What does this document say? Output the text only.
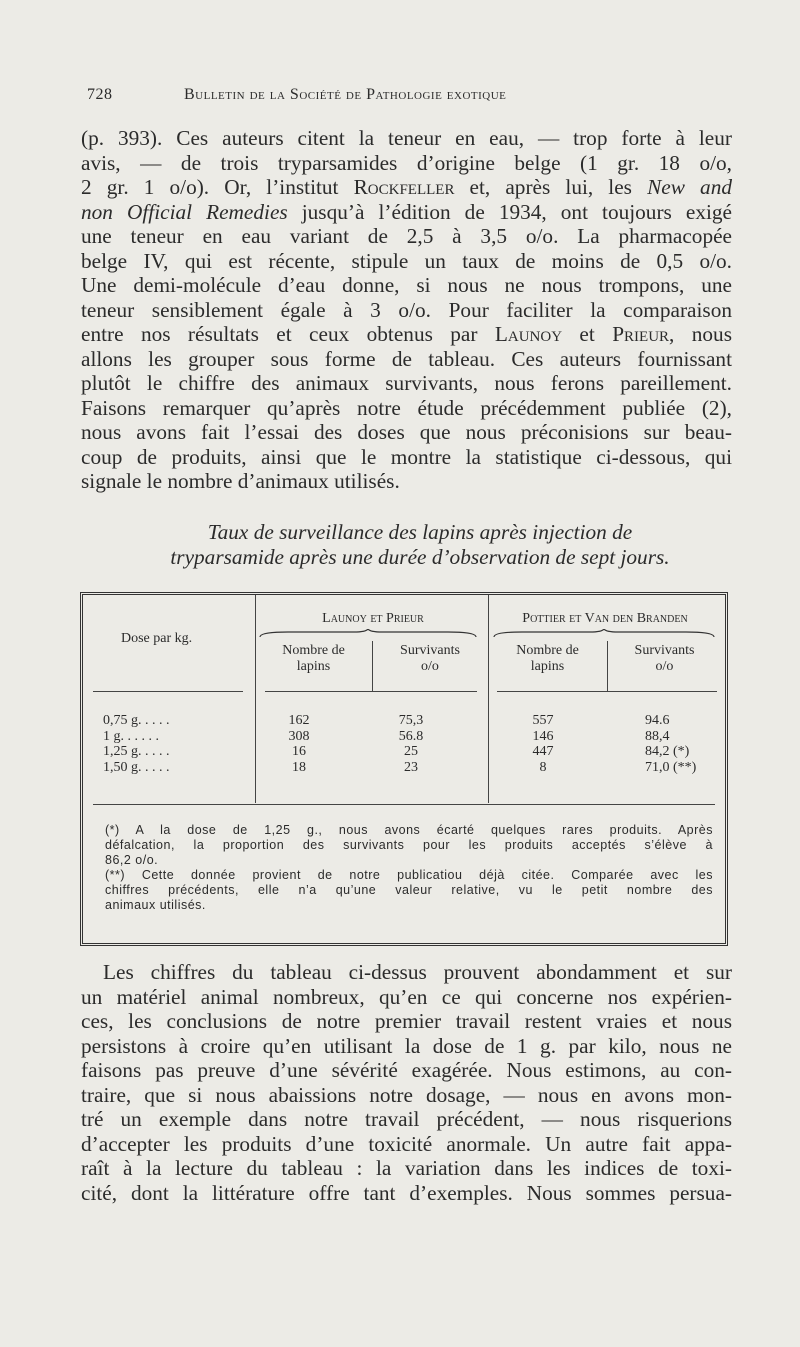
728	Bulletin de la Société de Pathologie exotique
(p. 393). Ces auteurs citent la teneur en eau, — trop forte à leur
avis, — de trois tryparsamides d’origine belge (1 gr. 18 o/o,
2 gr. 1 o/o). Or, l’institut Rockfeller et, après lui, les New and
non Official Remedies jusqu’à l’édition de 1934, ont toujours exigé
une teneur en eau variant de 2,5 à 3,5 o/o. La pharmacopée
belge IV, qui est récente, stipule un taux de moins de 0,5 o/o.
Une demi-molécule d’eau donne, si nous ne nous trompons, une
teneur sensiblement égale à 3 o/o. Pour faciliter la comparaison
entre nos résultats et ceux obtenus par Launoy et Prieur, nous
allons les grouper sous forme de tableau. Ces auteurs fournissant
plutôt le chiffre des animaux survivants, nous ferons pareillement.
Faisons remarquer qu’après notre étude précédemment publiée (2),
nous avons fait l’essai des doses que nous préconisions sur beau-
coup de produits, ainsi que le montre la statistique ci-dessous, qui
signale le nombre d’animaux utilisés.
Taux de surveillance des lapins après injection de
tryparsamide après une durée d’observation de sept jours.
Dose par kg.
Launoy et Prieur	Pottier et Van den Branden
Nombre de
lapins
Survivants
o/o
Nombre de
lapins
Survivants
o/o
0,75 g. . . . .
1 g. . . . . .
1,25 g. . . . .
1,50 g. . . . .
162
308
16
18
75,3
56.8
25
23
557
146
447
8
94.6
88,4
84,2 (*)
71,0 (**)
(*) A la dose de 1,25 g., nous avons écarté quelques rares produits. Après
défalcation, la proportion des survivants pour les produits acceptés s’élève à
86,2 o/o.
(**) Cette donnée provient de notre publicatiou déjà citée. Comparée avec les
chiffres précédents, elle n’a qu’une valeur relative, vu le petit nombre des
animaux utilisés.
Les chiffres du tableau ci-dessus prouvent abondamment et sur
un matériel animal nombreux, qu’en ce qui concerne nos expérien-
ces, les conclusions de notre premier travail restent vraies et nous
persistons à croire qu’en utilisant la dose de 1 g. par kilo, nous ne
faisons pas preuve d’une sévérité exagérée. Nous estimons, au con-
traire, que si nous abaissions notre dosage, — nous en avons mon-
tré un exemple dans notre travail précédent, — nous risquerions
d’accepter les produits d’une toxicité anormale. Un autre fait appa-
raît à la lecture du tableau : la variation dans les indices de toxi-
cité, dont la littérature offre tant d’exemples. Nous sommes persua-
